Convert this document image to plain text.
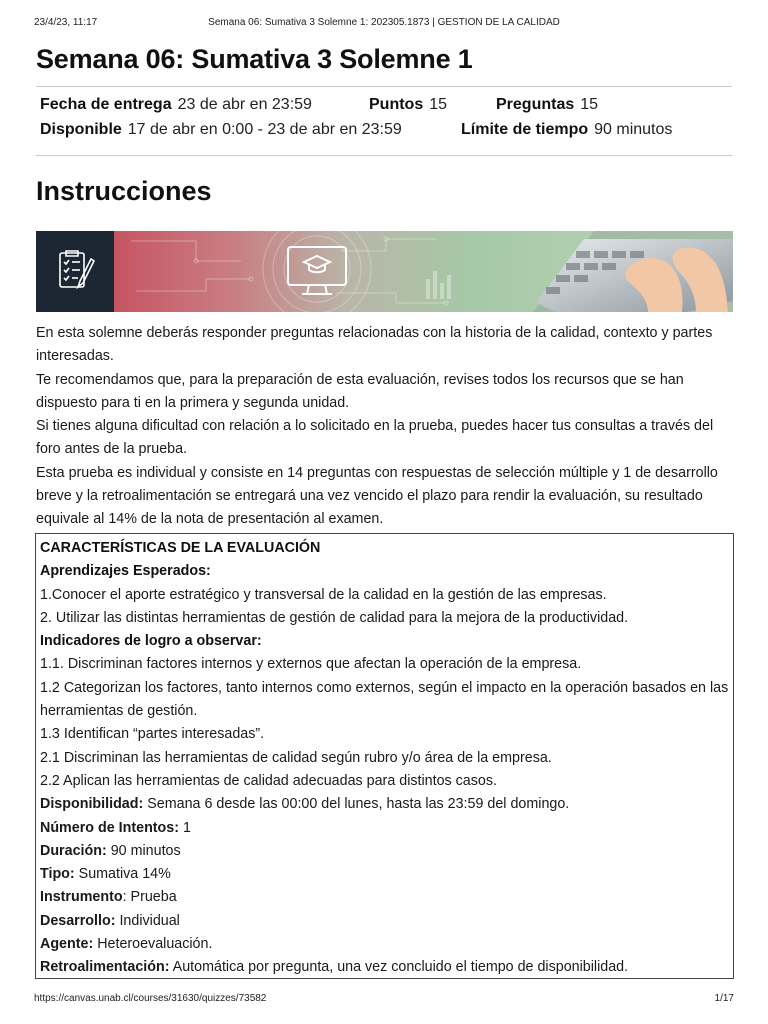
23/4/23, 11:17	Semana 06: Sumativa 3 Solemne 1: 202305.1873 | GESTION DE LA CALIDAD
Semana 06: Sumativa 3 Solemne 1
Fecha de entrega 23 de abr en 23:59	Puntos 15	Preguntas 15
Disponible 17 de abr en 0:00 - 23 de abr en 23:59	Límite de tiempo 90 minutos
Instrucciones

En esta solemne deberás responder preguntas relacionadas con la historia de la calidad, contexto y partes interesadas.

Te recomendamos que, para la preparación de esta evaluación, revises todos los recursos que se han dispuesto para ti en la primera y segunda unidad.

Si tienes alguna dificultad con relación a lo solicitado en la prueba, puedes hacer tus consultas a través del foro antes de la prueba.

Esta prueba es individual y consiste en 14 preguntas con respuestas de selección múltiple y 1 de desarrollo breve y la retroalimentación se entregará una vez vencido el plazo para rendir la evaluación, su resultado equivale al 14% de la nota de presentación al examen.

CARACTERÍSTICAS DE LA EVALUACIÓN

Aprendizajes Esperados:

1.Conocer el aporte estratégico y transversal de la calidad en la gestión de las empresas.

2. Utilizar las distintas herramientas de gestión de calidad para la mejora de la productividad.

Indicadores de logro a observar:

1.1. Discriminan factores internos y externos que afectan la operación de la empresa.

1.2 Categorizan los factores, tanto internos como externos, según el impacto en la operación basados en las herramientas de gestión.

1.3 Identifican “partes interesadas”.

2.1 Discriminan las herramientas de calidad según rubro y/o área de la empresa.

2.2 Aplican las herramientas de calidad adecuadas para distintos casos.

Disponibilidad: Semana 6 desde las 00:00 del lunes, hasta las 23:59 del domingo.

Número de Intentos: 1

Duración: 90 minutos

Tipo: Sumativa 14%

Instrumento: Prueba

Desarrollo: Individual

Agente: Heteroevaluación.

Retroalimentación: Automática por pregunta, una vez concluido el tiempo de disponibilidad.

https://canvas.unab.cl/courses/31630/quizzes/73582	1/17
